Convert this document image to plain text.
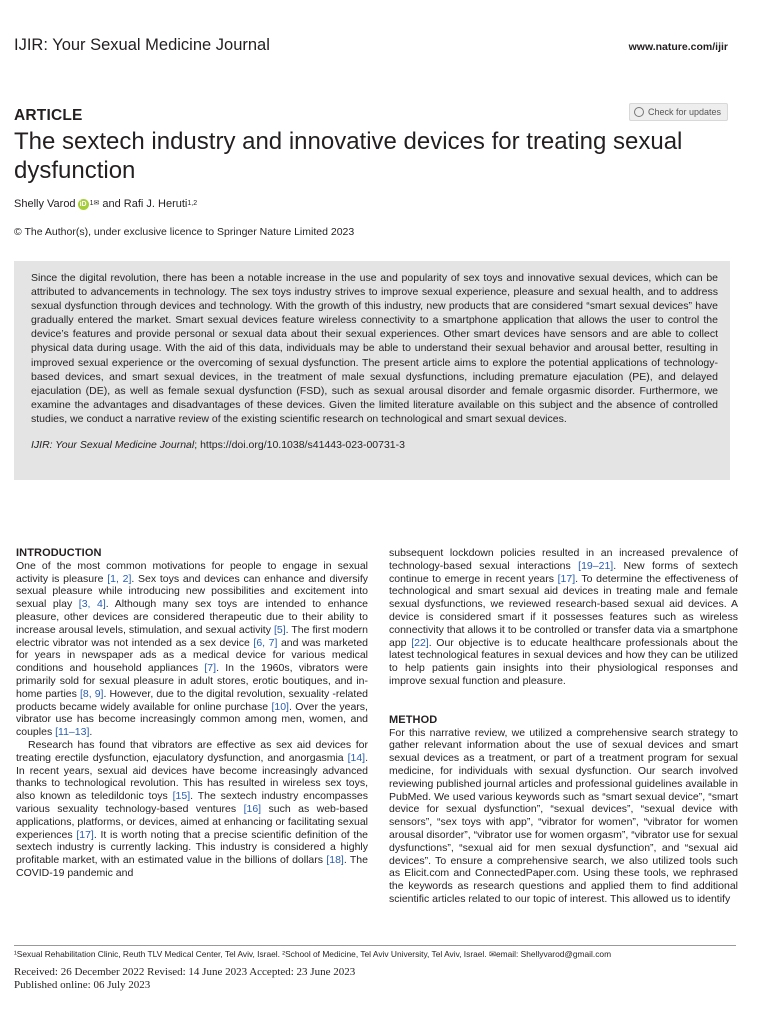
IJIR: Your Sexual Medicine Journal	www.nature.com/ijir
ARTICLE	Check for updates
The sextech industry and innovative devices for treating sexual dysfunction
Shelly Varod iD 1✉ and Rafi J. Heruti 1,2
© The Author(s), under exclusive licence to Springer Nature Limited 2023

Since the digital revolution, there has been a notable increase in the use and popularity of sex toys and innovative sexual devices, which can be attributed to advancements in technology. The sex toys industry strives to improve sexual experience, pleasure and sexual health, and to address sexual dysfunction through devices and technology. With the growth of this industry, new products that are considered “smart sexual devices” have gradually entered the market. Smart sexual devices feature wireless connectivity to a smartphone application that allows the user to control the device’s features and provide personal or sexual data about their sexual experiences. Other smart devices have sensors and are able to collect physical data during usage. With the aid of this data, individuals may be able to understand their sexual behavior and arousal better, resulting in improved sexual experience or the overcoming of sexual dysfunction. The present article aims to explore the potential applications of technology-based devices, and smart sexual devices, in the treatment of male sexual dysfunctions, including premature ejaculation (PE), and delayed ejaculation (DE), as well as female sexual dysfunction (FSD), such as sexual arousal disorder and female orgasmic disorder. Furthermore, we examine the advantages and disadvantages of these devices. Given the limited literature available on this subject and the absence of controlled studies, we conduct a narrative review of the existing scientific research on technological and smart sexual devices.

IJIR: Your Sexual Medicine Journal; https://doi.org/10.1038/s41443-023-00731-3

INTRODUCTION

One of the most common motivations for people to engage in sexual activity is pleasure [1, 2]. Sex toys and devices can enhance and diversify sexual pleasure while introducing new possibilities and excitement into sexual play [3, 4]. Although many sex toys are intended to enhance pleasure, other devices are considered therapeutic due to their ability to increase arousal levels, stimulation, and sexual activity [5]. The first modern electric vibrator was not intended as a sex device [6, 7] and was marketed for years in newspaper ads as a medical device for various medical conditions and household appliances [7]. In the 1960s, vibrators were primarily sold for sexual pleasure in adult stores, erotic boutiques, and in-home parties [8, 9]. However, due to the digital revolution, sexuality -related products became widely available for online purchase [10]. Over the years, vibrator use has become increasingly common among men, women, and couples [11–13].

Research has found that vibrators are effective as sex aid devices for treating erectile dysfunction, ejaculatory dysfunction, and anorgasmia [14]. In recent years, sexual aid devices have become increasingly advanced thanks to technological revolution. This has resulted in wireless sex toys, also known as teledildonic toys [15]. The sextech industry encompasses various sexuality technology-based ventures [16] such as web-based applications, platforms, or devices, aimed at enhancing or facilitating sexual experiences [17]. It is worth noting that a precise scientific definition of the sextech industry is currently lacking. This industry is considered a highly profitable market, with an estimated value in the billions of dollars [18]. The COVID-19 pandemic and

subsequent lockdown policies resulted in an increased prevalence of technology-based sexual interactions [19–21]. New forms of sextech continue to emerge in recent years [17]. To determine the effectiveness of technological and smart sexual aid devices in treating male and female sexual dysfunctions, we reviewed research-based sexual aid devices. A device is considered smart if it possesses features such as wireless connectivity that allows it to be controlled or transfer data via a smartphone app [22]. Our objective is to educate healthcare professionals about the latest technological features in sexual devices and how they can be utilized to help patients gain insights into their physiological responses and improve sexual function and pleasure.

METHOD

For this narrative review, we utilized a comprehensive search strategy to gather relevant information about the use of sexual devices and smart sexual devices as a treatment, or part of a treatment program for sexual medicine, for individuals with sexual dysfunction. Our search involved reviewing published journal articles and professional guidelines available in PubMed. We used various keywords such as “smart sexual device”, “smart device for sexual dysfunction”, “sexual devices”, “sexual device with sensors”, “sex toys with app”, “vibrator for women”, “vibrator for women arousal disorder”, “vibrator use for women orgasm”, “vibrator use for sexual dysfunctions”, “sexual aid for men sexual dysfunction”, and “sexual aid devices”. To ensure a comprehensive search, we also utilized tools such as Elicit.com and ConnectedPaper.com. Using these tools, we rephrased the keywords as research questions and applied them to find additional scientific articles related to our topic of interest. This allowed us to identify

¹Sexual Rehabilitation Clinic, Reuth TLV Medical Center, Tel Aviv, Israel. ²School of Medicine, Tel Aviv University, Tel Aviv, Israel. ✉email: Shellyvarod@gmail.com
Received: 26 December 2022 Revised: 14 June 2023 Accepted: 23 June 2023
Published online: 06 July 2023
